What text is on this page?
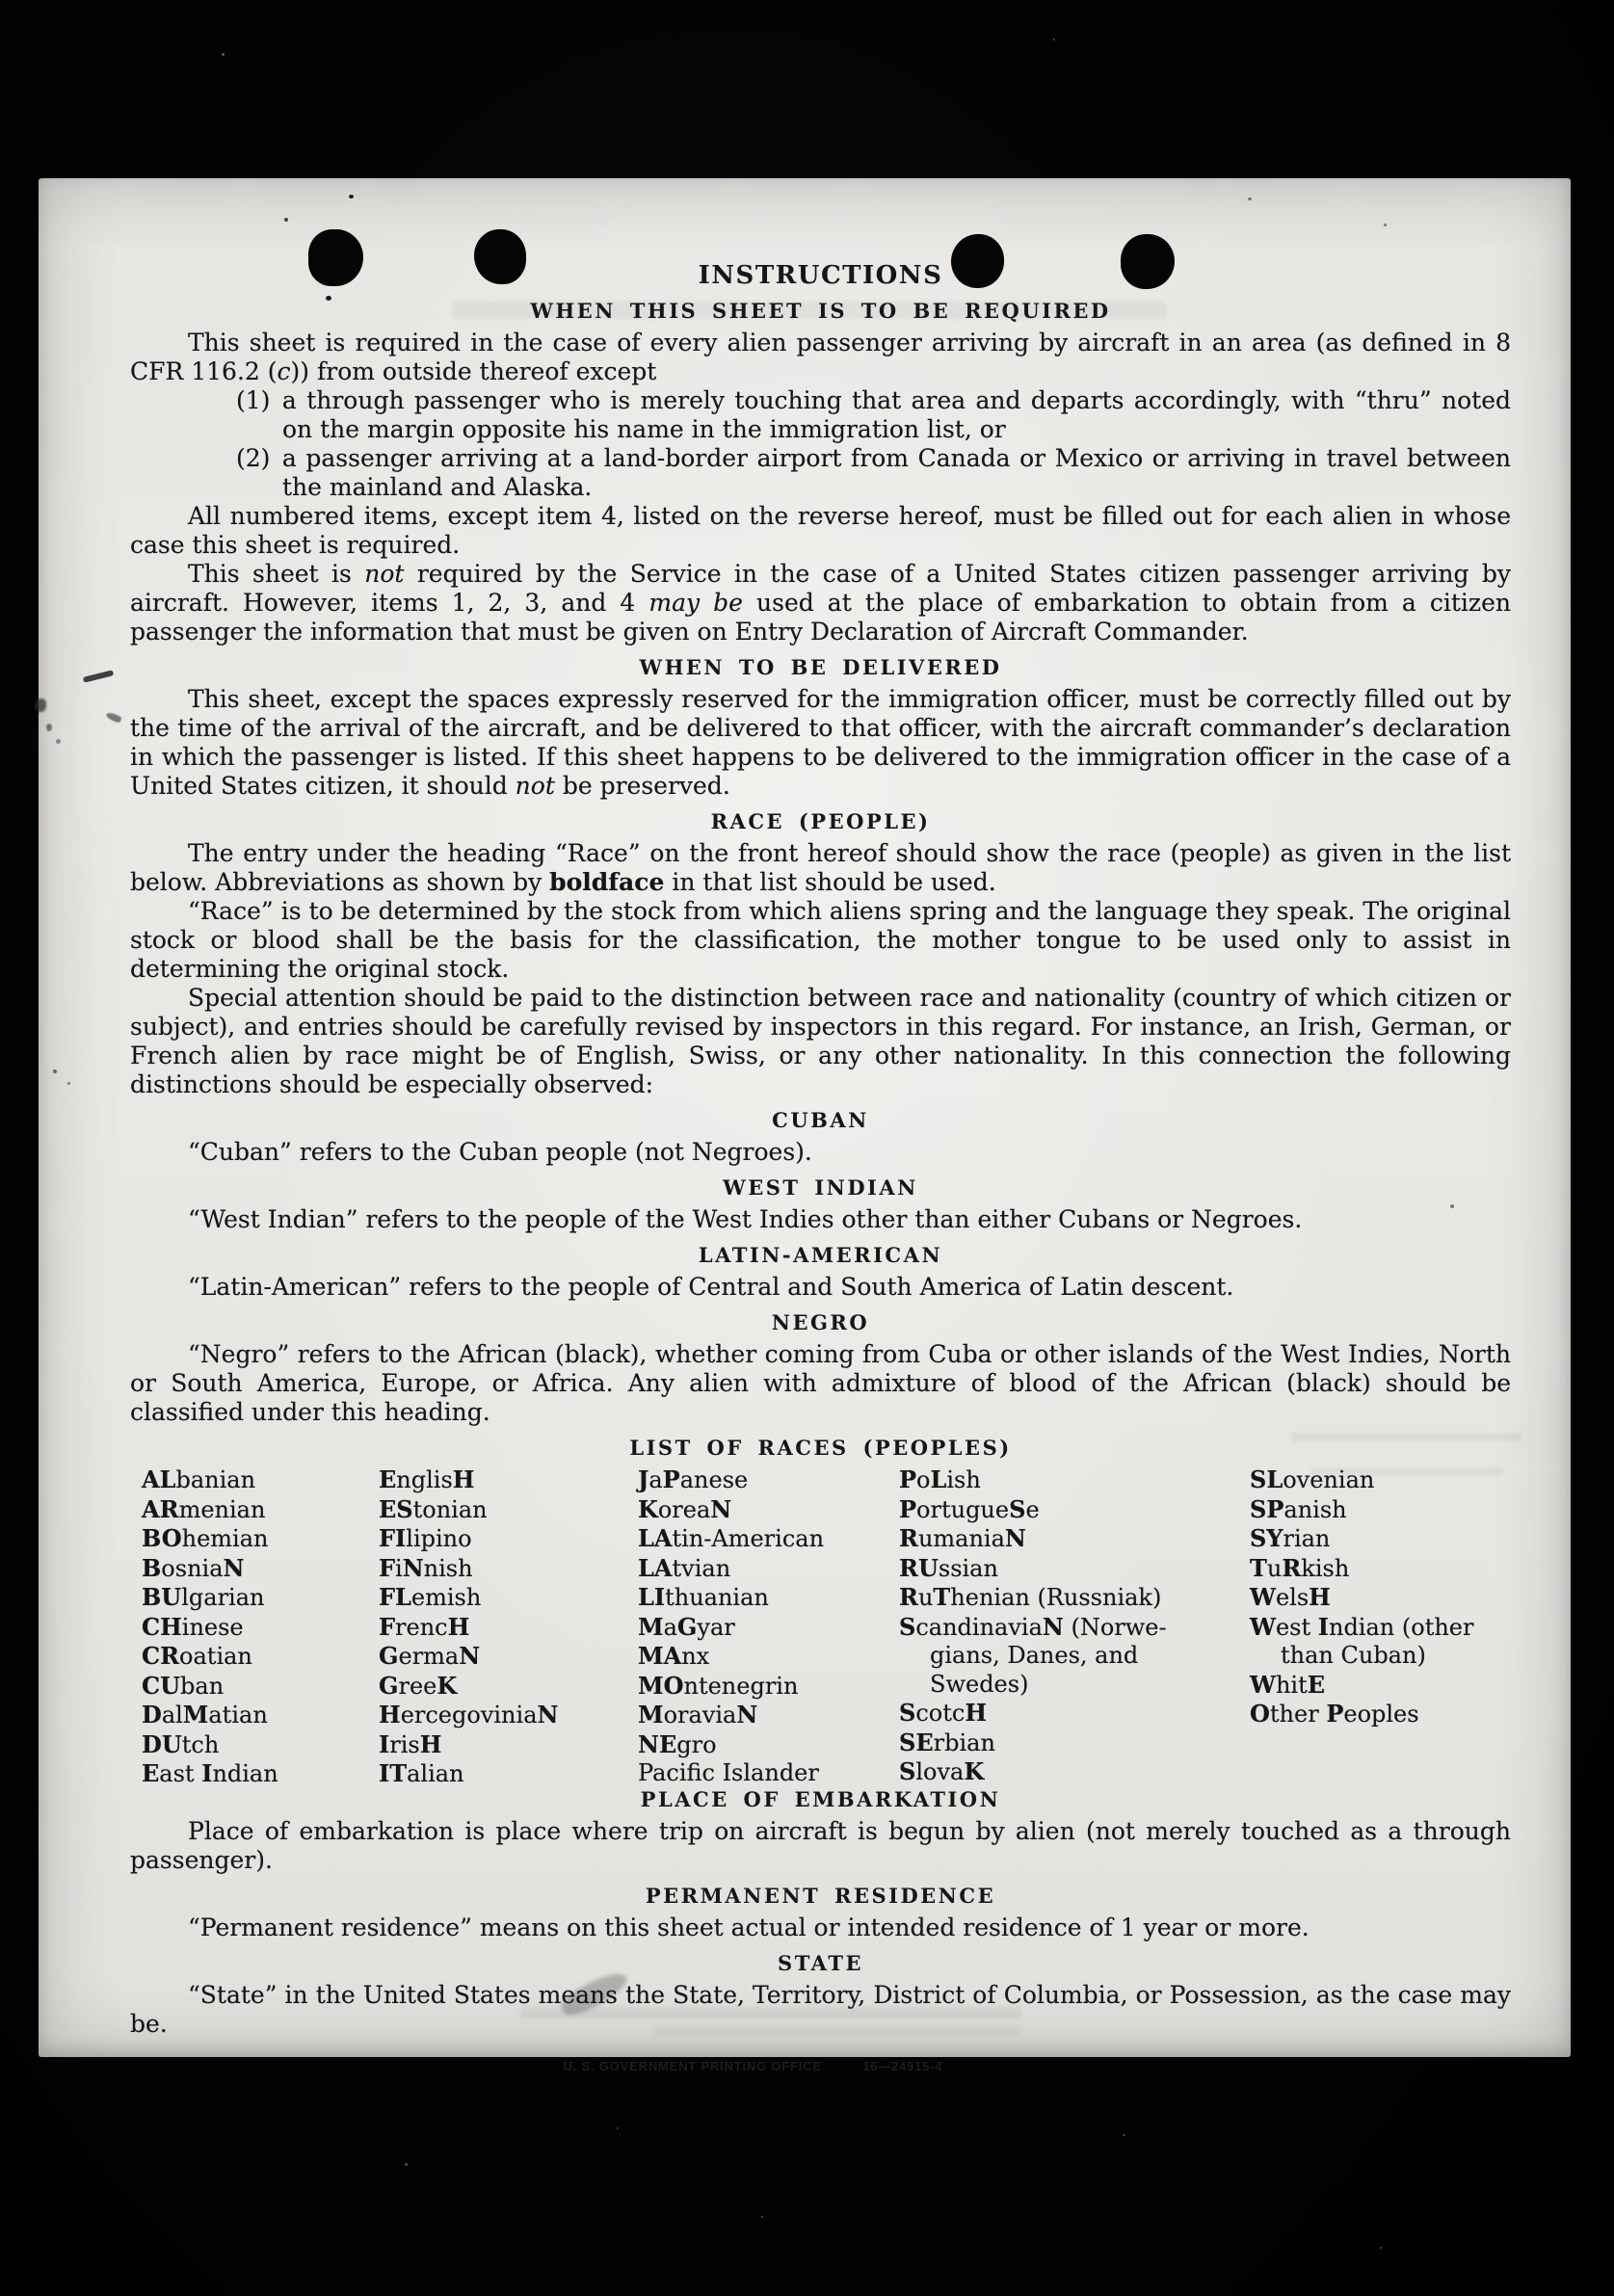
INSTRUCTIONS
WHEN THIS SHEET IS TO BE REQUIRED

This sheet is required in the case of every alien passenger arriving by aircraft in an area (as defined in 8 CFR 116.2 (c)) from outside thereof except

(1) a through passenger who is merely touching that area and departs accordingly, with “thru” noted on the margin opposite his name in the immigration list, or
(2) a passenger arriving at a land-border airport from Canada or Mexico or arriving in travel between the mainland and Alaska.

All numbered items, except item 4, listed on the reverse hereof, must be filled out for each alien in whose case this sheet is required.

This sheet is not required by the Service in the case of a United States citizen passenger arriving by aircraft. However, items 1, 2, 3, and 4 may be used at the place of embarkation to obtain from a citizen passenger the information that must be given on Entry Declaration of Aircraft Commander.

WHEN TO BE DELIVERED

This sheet, except the spaces expressly reserved for the immigration officer, must be correctly filled out by the time of the arrival of the aircraft, and be delivered to that officer, with the aircraft commander’s declaration in which the passenger is listed. If this sheet happens to be delivered to the immigration officer in the case of a United States citizen, it should not be preserved.

RACE (PEOPLE)

The entry under the heading “Race” on the front hereof should show the race (people) as given in the list below. Abbreviations as shown by boldface in that list should be used.

“Race” is to be determined by the stock from which aliens spring and the language they speak. The original stock or blood shall be the basis for the classification, the mother tongue to be used only to assist in determining the original stock.

Special attention should be paid to the distinction between race and nationality (country of which citizen or subject), and entries should be carefully revised by inspectors in this regard. For instance, an Irish, German, or French alien by race might be of English, Swiss, or any other nationality. In this connection the following distinctions should be especially observed:

CUBAN

“Cuban” refers to the Cuban people (not Negroes).

WEST INDIAN

“West Indian” refers to the people of the West Indies other than either Cubans or Negroes.

LATIN-AMERICAN

“Latin-American” refers to the people of Central and South America of Latin descent.

NEGRO

“Negro” refers to the African (black), whether coming from Cuba or other islands of the West Indies, North or South America, Europe, or Africa. Any alien with admixture of blood of the African (black) should be classified under this heading.

LIST OF RACES (PEOPLES)
ALbanian
ARmenian
BOhemian
BosniaN
BUlgarian
CHinese
CRoatian
CUban
DalMatian
DUtch
East Indian
EnglisH
EStonian
FIlipino
FiNnish
FLemish
FrencH
GermaN
GreeK
HercegoviniaN
IrisH
ITalian
JaPanese
KoreaN
LAtin-American
LAtvian
LIthuanian
MaGyar
MAnx
MOntenegrin
MoraviaN
NEgro
Pacific Islander
PoLish
PortugueSe
RumaniaN
RUssian
RuThenian (Russniak)
ScandinaviaN (Norwe-
gians, Danes, and
Swedes)
ScotcH
SErbian
SlovaK
SLovenian
SPanish
SYrian
TuRkish
WelsH
West Indian (other
than Cuban)
WhitE
Other Peoples
PLACE OF EMBARKATION

Place of embarkation is place where trip on aircraft is begun by alien (not merely touched as a through passenger).

PERMANENT RESIDENCE

“Permanent residence” means on this sheet actual or intended residence of 1 year or more.

STATE

“State” in the United States means the State, Territory, District of Columbia, or Possession, as the case may be.

U. S. GOVERNMENT PRINTING OFFICE	16—24915-4
